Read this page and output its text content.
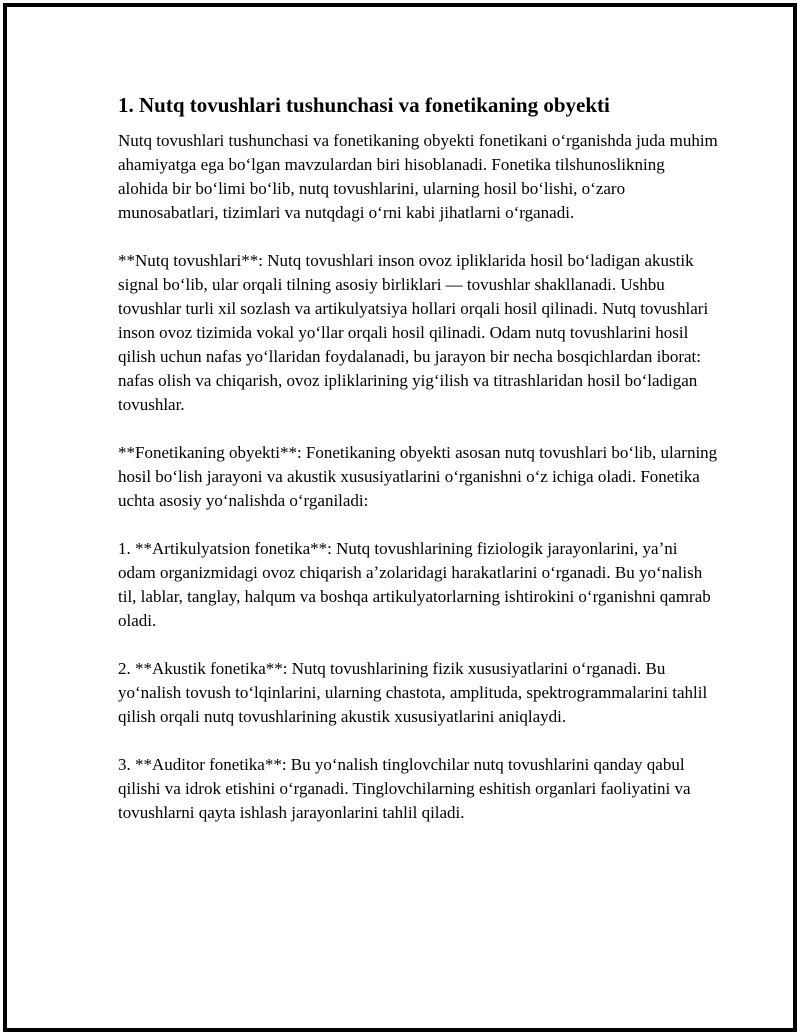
1. Nutq tovushlari tushunchasi va fonetikaning obyekti

Nutq tovushlari tushunchasi va fonetikaning obyekti fonetikani oʻrganishda juda muhim ahamiyatga ega boʻlgan mavzulardan biri hisoblanadi. Fonetika tilshunoslikning alohida bir boʻlimi boʻlib, nutq tovushlarini, ularning hosil boʻlishi, oʻzaro munosabatlari, tizimlari va nutqdagi oʻrni kabi jihatlarni oʻrganadi.

**Nutq tovushlari**: Nutq tovushlari inson ovoz ipliklarida hosil boʻladigan akustik signal boʻlib, ular orqali tilning asosiy birliklari — tovushlar shakllanadi. Ushbu tovushlar turli xil sozlash va artikulyatsiya hollari orqali hosil qilinadi. Nutq tovushlari inson ovoz tizimida vokal yoʻllar orqali hosil qilinadi. Odam nutq tovushlarini hosil qilish uchun nafas yoʻllaridan foydalanadi, bu jarayon bir necha bosqichlardan iborat: nafas olish va chiqarish, ovoz ipliklarining yigʻilish va titrashlaridan hosil boʻladigan tovushlar.

**Fonetikaning obyekti**: Fonetikaning obyekti asosan nutq tovushlari boʻlib, ularning hosil boʻlish jarayoni va akustik xususiyatlarini oʻrganishni oʻz ichiga oladi. Fonetika uchta asosiy yoʻnalishda oʻrganiladi:

1. **Artikulyatsion fonetika**: Nutq tovushlarining fiziologik jarayonlarini, yaʼni odam organizmidagi ovoz chiqarish aʼzolaridagi harakatlarini oʻrganadi. Bu yoʻnalish til, lablar, tanglay, halqum va boshqa artikulyatorlarning ishtirokini oʻrganishni qamrab oladi.

2. **Akustik fonetika**: Nutq tovushlarining fizik xususiyatlarini oʻrganadi. Bu yoʻnalish tovush toʻlqinlarini, ularning chastota, amplituda, spektrogrammalarini tahlil qilish orqali nutq tovushlarining akustik xususiyatlarini aniqlaydi.

3. **Auditor fonetika**: Bu yoʻnalish tinglovchilar nutq tovushlarini qanday qabul qilishi va idrok etishini oʻrganadi. Tinglovchilarning eshitish organlari faoliyatini va tovushlarni qayta ishlash jarayonlarini tahlil qiladi.
